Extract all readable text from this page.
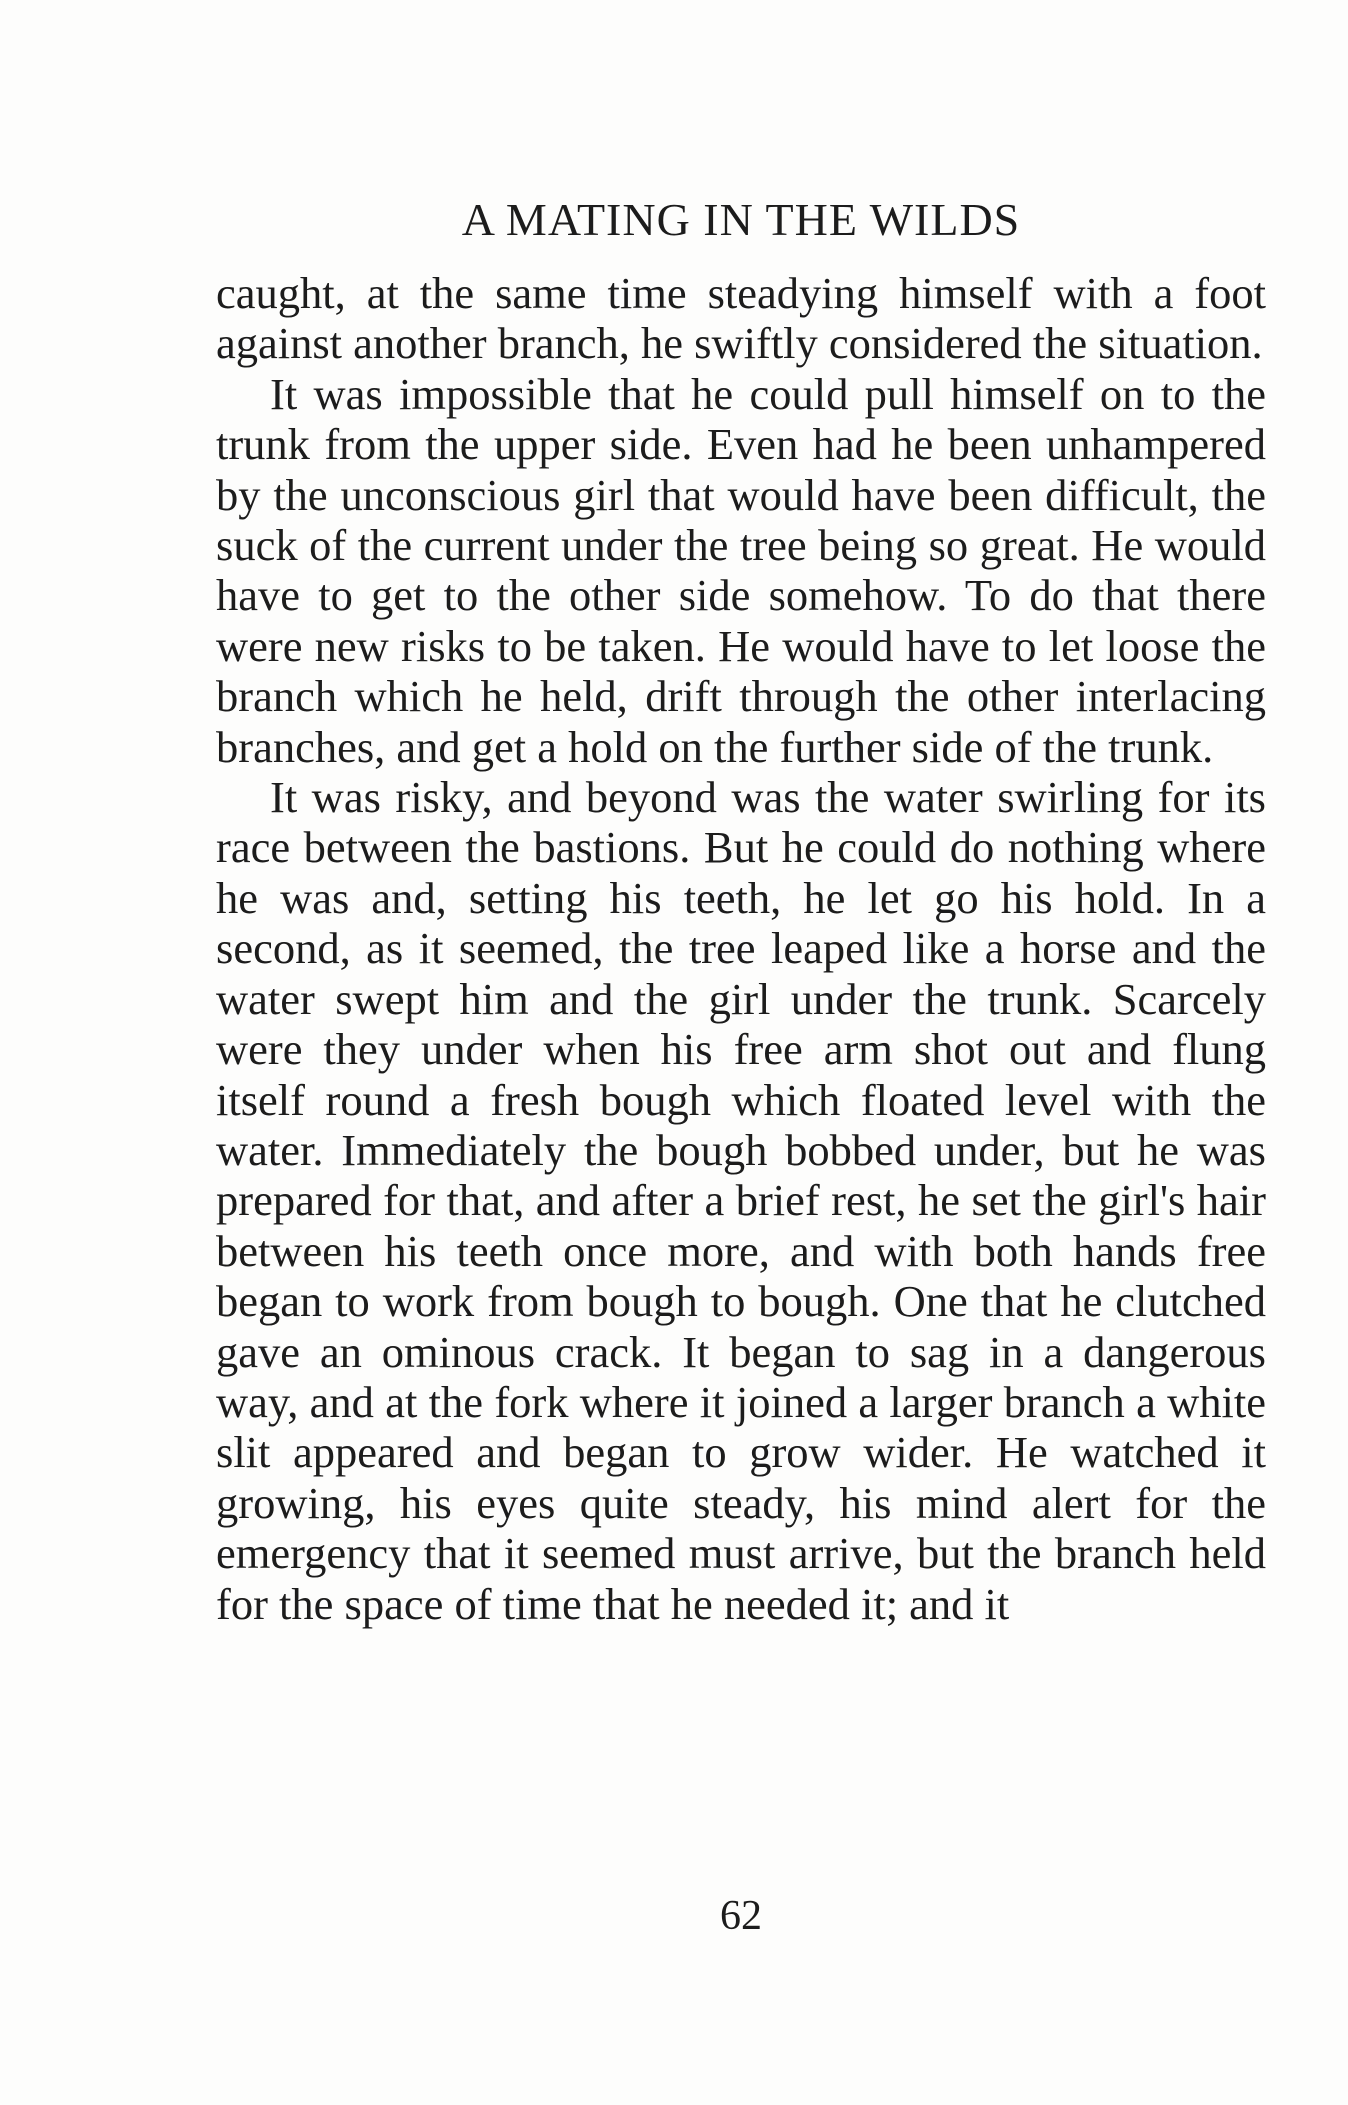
A MATING IN THE WILDS

caught, at the same time steadying himself with a foot against another branch, he swiftly considered the situation.

It was impossible that he could pull himself on to the trunk from the upper side. Even had he been unhampered by the unconscious girl that would have been difficult, the suck of the current under the tree being so great. He would have to get to the other side somehow. To do that there were new risks to be taken. He would have to let loose the branch which he held, drift through the other interlacing branches, and get a hold on the further side of the trunk.

It was risky, and beyond was the water swirling for its race between the bastions. But he could do nothing where he was and, setting his teeth, he let go his hold. In a second, as it seemed, the tree leaped like a horse and the water swept him and the girl under the trunk. Scarcely were they under when his free arm shot out and flung itself round a fresh bough which floated level with the water. Immediately the bough bobbed under, but he was prepared for that, and after a brief rest, he set the girl's hair between his teeth once more, and with both hands free began to work from bough to bough. One that he clutched gave an ominous crack. It began to sag in a dangerous way, and at the fork where it joined a larger branch a white slit appeared and began to grow wider. He watched it growing, his eyes quite steady, his mind alert for the emergency that it seemed must arrive, but the branch held for the space of time that he needed it; and it

62
